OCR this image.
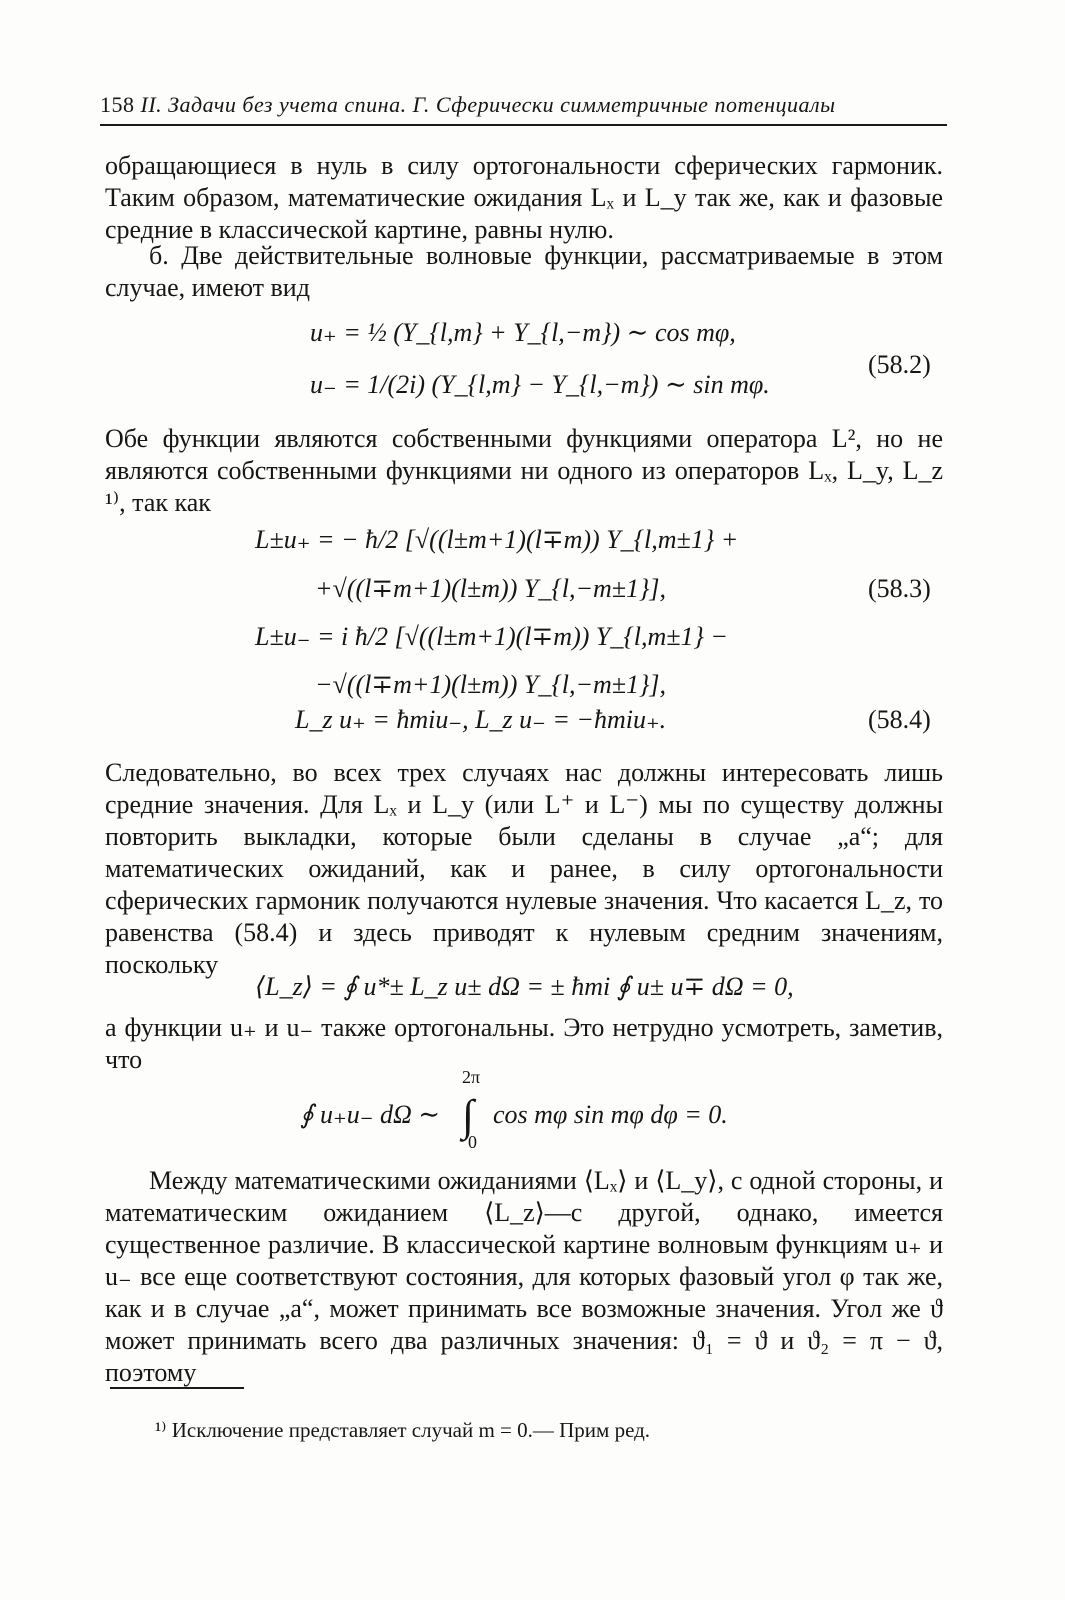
158 II. Задачи без учета спина. Г. Сферически симметричные потенциалы

обращающиеся в нуль в силу ортогональности сферических гармоник. Таким образом, математические ожидания Lₓ и L_y так же, как и фазовые средние в классической картине, равны нулю.

б. Две действительные волновые функции, рассматриваемые в этом случае, имеют вид

u₊ = ½ (Y_{l,m} + Y_{l,−m}) ∼ cos mφ,
u₋ = 1/(2i) (Y_{l,m} − Y_{l,−m}) ∼ sin mφ.
(58.2)

Обе функции являются собственными функциями оператора L², но не являются собственными функциями ни одного из операторов Lₓ, L_y, L_z ¹⁾, так как

L±u₊ = − ħ/2 [√((l±m+1)(l∓m)) Y_{l,m±1} +
+√((l∓m+1)(l±m)) Y_{l,−m±1}],	(58.3)
L±u₋ = i ħ/2 [√((l±m+1)(l∓m)) Y_{l,m±1} −
−√((l∓m+1)(l±m)) Y_{l,−m±1}],
L_z u₊ = ħmiu₋, L_z u₋ = −ħmiu₊.	(58.4)

Следовательно, во всех трех случаях нас должны интересовать лишь средние значения. Для Lₓ и L_y (или L⁺ и L⁻) мы по существу должны повторить выкладки, которые были сделаны в случае „а“; для математических ожиданий, как и ранее, в силу ортогональности сферических гармоник получаются нулевые значения. Что касается L_z, то равенства (58.4) и здесь приводят к нулевым средним значениям, поскольку

⟨L_z⟩ = ∮ u*± L_z u± dΩ = ± ħmi ∮ u± u∓ dΩ = 0,

а функции u₊ и u₋ также ортогональны. Это нетрудно усмотреть, заметив, что

∮ u₊u₋ dΩ ∼
2π
∫
0
cos mφ sin mφ dφ = 0.

Между математическими ожиданиями ⟨Lₓ⟩ и ⟨L_y⟩, с одной стороны, и математическим ожиданием ⟨L_z⟩—с другой, однако, имеется существенное различие. В классической картине волновым функциям u₊ и u₋ все еще соответствуют состояния, для которых фазовый угол φ так же, как и в случае „а“, может принимать все возможные значения. Угол же ϑ может принимать всего два различных значения: ϑ₁ = ϑ и ϑ₂ = π − ϑ, поэтому

¹⁾ Исключение представляет случай m = 0.— Прим ред.
